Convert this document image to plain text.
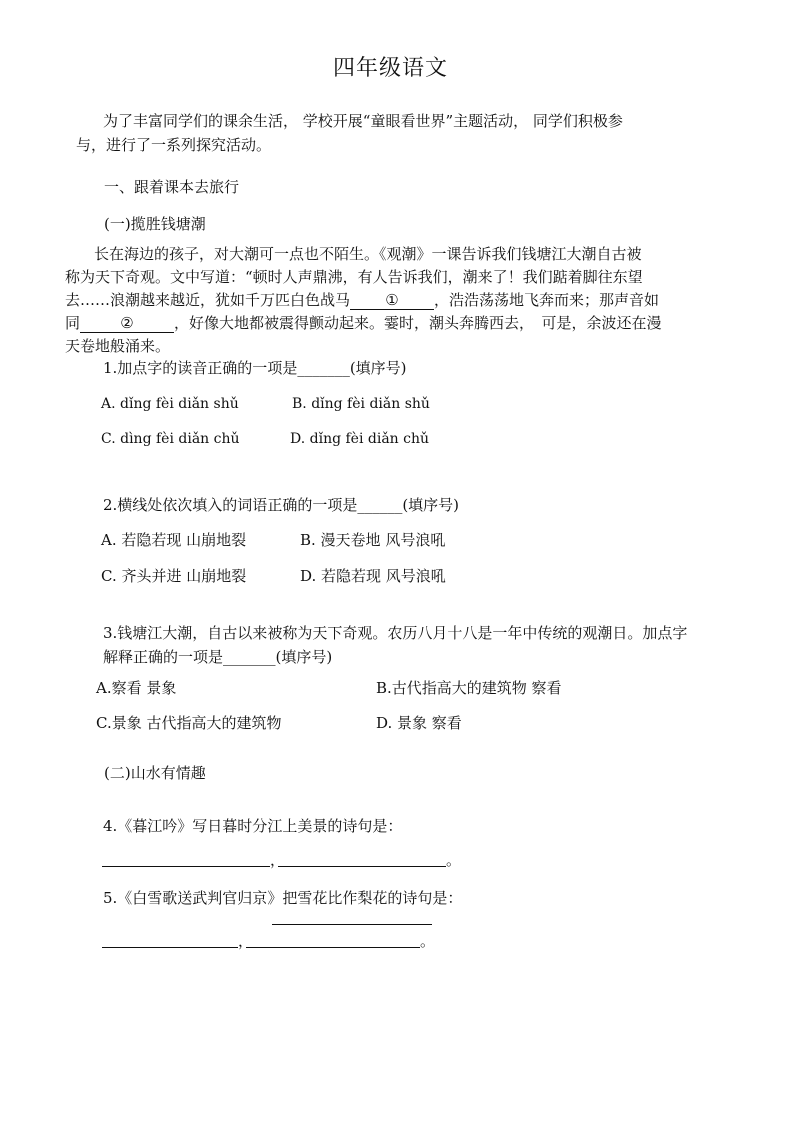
四年级语文
为了丰富同学们的课余生活， 学校开展“童眼看世界”主题活动， 同学们积极参
与，进行了一系列探究活动。
一、跟着课本去旅行
(一)揽胜钱塘潮
长在海边的孩子，对大潮可一点也不陌生。《观潮》一课告诉我们钱塘江大潮自古被
称为天下奇观。文中写道：“顿时人声鼎沸，有人告诉我们，潮来了！我们踮着脚往东望
去……浪潮越来越近，犹如千万匹白色战马 ① ，浩浩荡荡地飞奔而来；那声音如
同	②	，好像大地都被震得颤动起来。霎时，潮头奔腾西去，　可是，余波还在漫
天卷地般涌来。
1.加点字的读音正确的一项是_______(填序号)
A. dǐng fèi diǎn shǔ	B. dǐng fèi diǎn shǔ
C. dìng fèi diǎn chǔ	D. dǐng fèi diǎn chǔ
2.横线处依次填入的词语正确的一项是______(填序号)
A. 若隐若现 山崩地裂	B. 漫天卷地 风号浪吼
C. 齐头并进 山崩地裂	D. 若隐若现 风号浪吼
3.钱塘江大潮，自古以来被称为天下奇观。农历八月十八是一年中传统的观潮日。加点字
解释正确的一项是_______(填序号)
A.察看 景象	B.古代指高大的建筑物 察看
C.景象 古代指高大的建筑物	D. 景象 察看
(二)山水有情趣
4.《暮江吟》写日暮时分江上美景的诗句是：
，	。
5.《白雪歌送武判官归京》把雪花比作梨花的诗句是：
，	。
